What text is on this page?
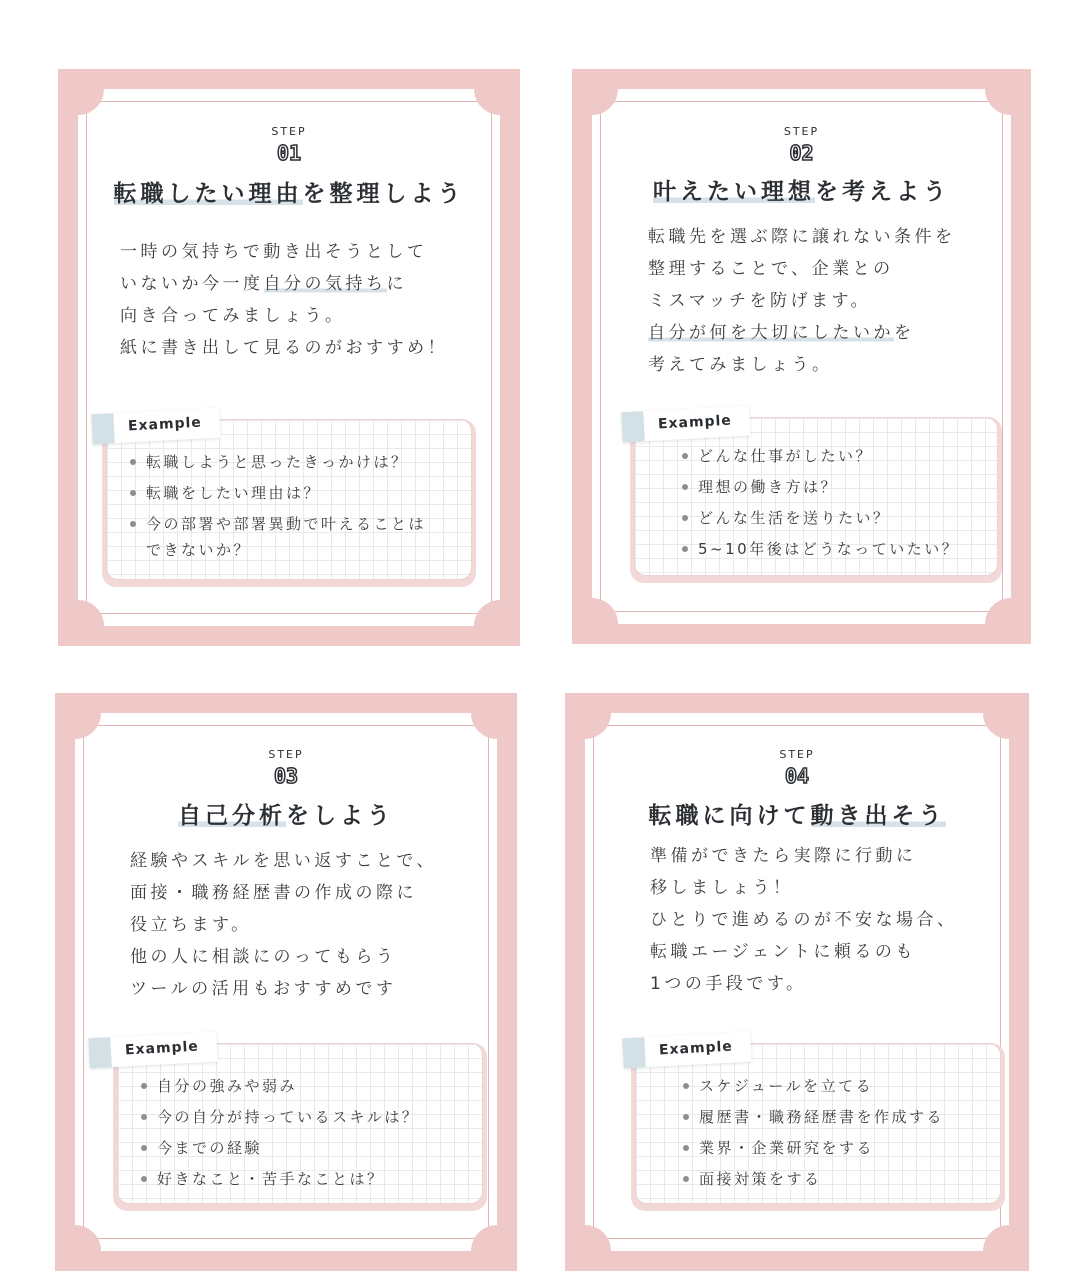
STEP
01
転職したい理由を整理しよう
一時の気持ちで動き出そうとして
いないか今一度自分の気持ちに
向き合ってみましょう。
紙に書き出して見るのがおすすめ！
転職しようと思ったきっかけは？
転職をしたい理由は？
今の部署や部署異動で叶えることは
できないか？
Example
STEP
02
叶えたい理想を考えよう
転職先を選ぶ際に譲れない条件を
整理することで、企業との
ミスマッチを防げます。
自分が何を大切にしたいかを
考えてみましょう。
どんな仕事がしたい？
理想の働き方は？
どんな生活を送りたい？
5~10年後はどうなっていたい？
Example
STEP
03
自己分析をしよう
経験やスキルを思い返すことで、
面接・職務経歴書の作成の際に
役立ちます。
他の人に相談にのってもらう
ツールの活用もおすすめです
自分の強みや弱み
今の自分が持っているスキルは？
今までの経験
好きなこと・苦手なことは？
Example
STEP
04
転職に向けて動き出そう
準備ができたら実際に行動に
移しましょう！
ひとりで進めるのが不安な場合、
転職エージェントに頼るのも
1つの手段です。
スケジュールを立てる
履歴書・職務経歴書を作成する
業界・企業研究をする
面接対策をする
Example
